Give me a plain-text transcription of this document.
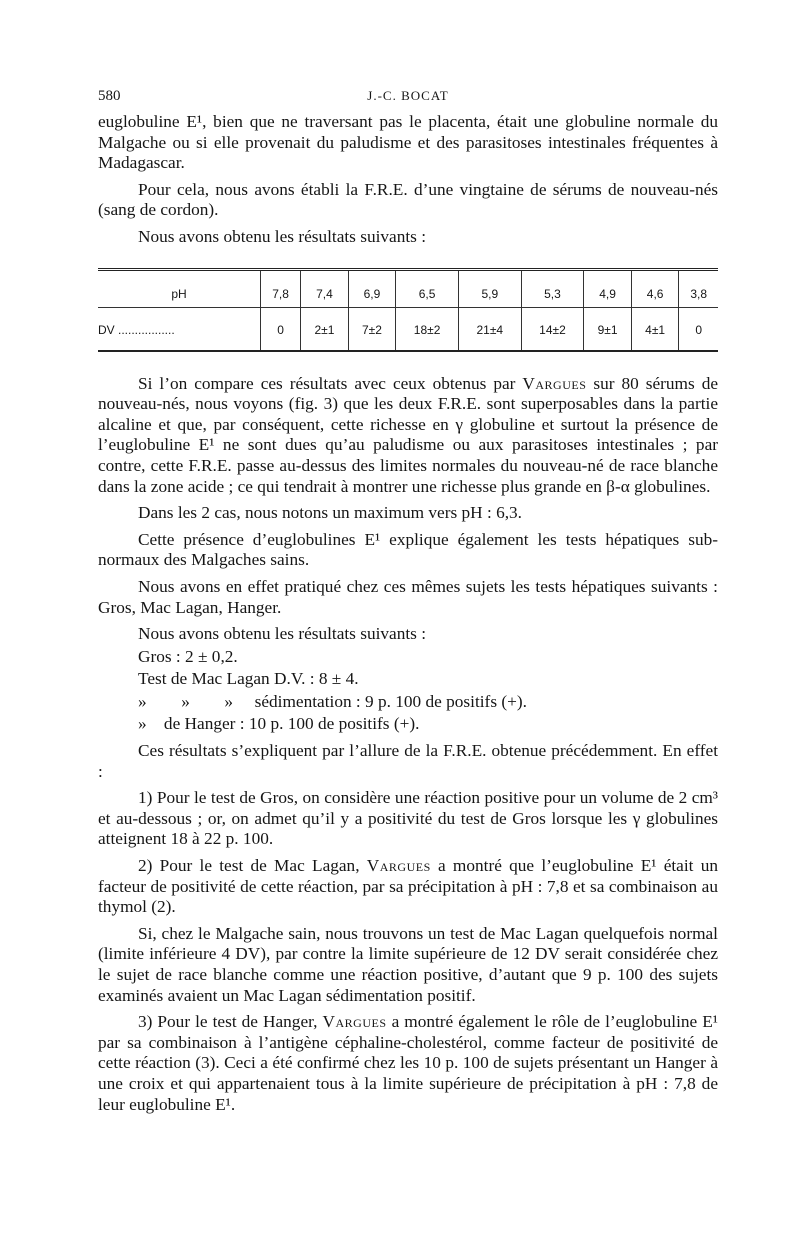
580	J.-C. BOCAT

euglobuline E¹, bien que ne traversant pas le placenta, était une globuline normale du Malgache ou si elle provenait du paludisme et des parasitoses intestinales fréquentes à Madagascar.

Pour cela, nous avons établi la F.R.E. d’une vingtaine de sérums de nouveau-nés (sang de cordon).

Nous avons obtenu les résultats suivants :

pH	7,8	7,4	6,9	6,5	5,9	5,3	4,9	4,6	3,8
DV .................	0	2±1	7±2	18±2	21±4	14±2	9±1	4±1	0

Si l’on compare ces résultats avec ceux obtenus par Vargues sur 80 sérums de nouveau-nés, nous voyons (fig. 3) que les deux F.R.E. sont superposables dans la partie alcaline et que, par conséquent, cette richesse en γ globuline et surtout la présence de l’euglobuline E¹ ne sont dues qu’au paludisme ou aux parasitoses intestinales ; par contre, cette F.R.E. passe au-dessus des limites normales du nouveau-né de race blanche dans la zone acide ; ce qui tendrait à montrer une richesse plus grande en β-α globulines.

Dans les 2 cas, nous notons un maximum vers pH : 6,3.

Cette présence d’euglobulines E¹ explique également les tests hépatiques sub-normaux des Malgaches sains.

Nous avons en effet pratiqué chez ces mêmes sujets les tests hépatiques suivants : Gros, Mac Lagan, Hanger.

Nous avons obtenu les résultats suivants :

Gros : 2 ± 0,2.

Test de Mac Lagan D.V. : 8 ± 4.

»  »  »  sédimentation : 9 p. 100 de positifs (+).

» de Hanger : 10 p. 100 de positifs (+).

Ces résultats s’expliquent par l’allure de la F.R.E. obtenue précédemment. En effet :

1) Pour le test de Gros, on considère une réaction positive pour un volume de 2 cm³ et au-dessous ; or, on admet qu’il y a positivité du test de Gros lorsque les γ globulines atteignent 18 à 22 p. 100.

2) Pour le test de Mac Lagan, Vargues a montré que l’euglobuline E¹ était un facteur de positivité de cette réaction, par sa précipitation à pH : 7,8 et sa combinaison au thymol (2).

Si, chez le Malgache sain, nous trouvons un test de Mac Lagan quelquefois normal (limite inférieure 4 DV), par contre la limite supérieure de 12 DV serait considérée chez le sujet de race blanche comme une réaction positive, d’autant que 9 p. 100 des sujets examinés avaient un Mac Lagan sédimentation positif.

3) Pour le test de Hanger, Vargues a montré également le rôle de l’euglobuline E¹ par sa combinaison à l’antigène céphaline-cholestérol, comme facteur de positivité de cette réaction (3). Ceci a été confirmé chez les 10 p. 100 de sujets présentant un Hanger à une croix et qui appartenaient tous à la limite supérieure de précipitation à pH : 7,8 de leur euglobuline E¹.
